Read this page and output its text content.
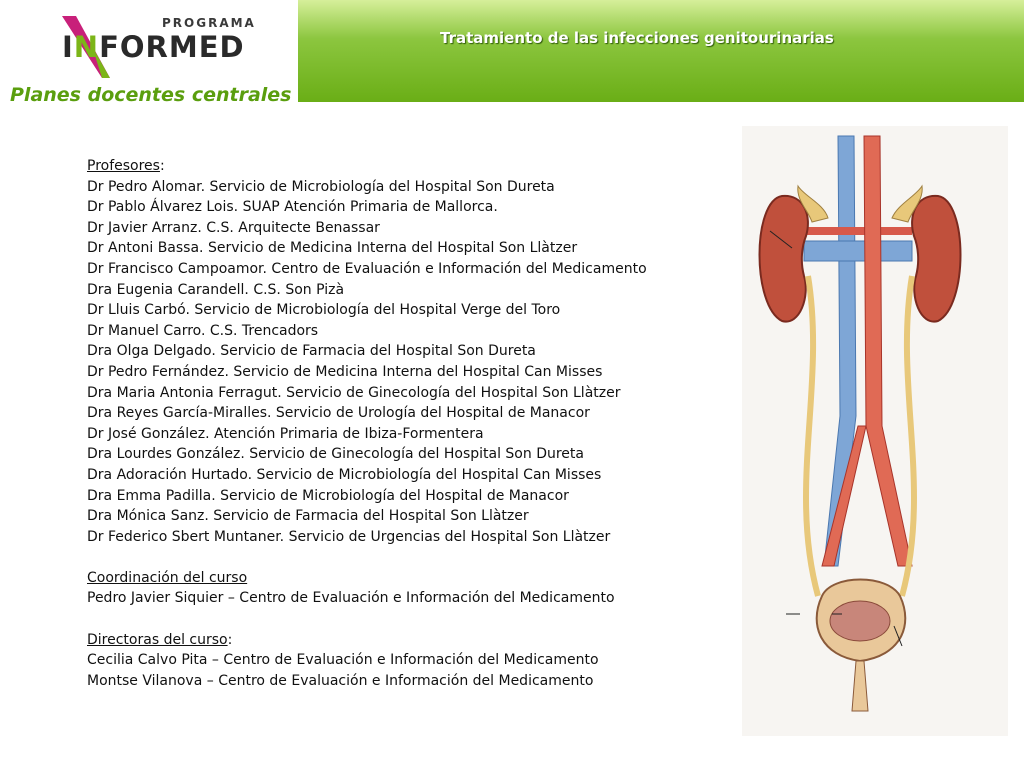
PROGRAMA
INFORMED
Planes docentes centrales
Tratamiento de las infecciones genitourinarias
Profesores:
Dr Pedro Alomar. Servicio de Microbiología del Hospital Son Dureta
Dr Pablo Álvarez Lois. SUAP Atención Primaria de Mallorca.
Dr Javier Arranz. C.S. Arquitecte Benassar
Dr Antoni Bassa. Servicio de Medicina Interna del Hospital Son Llàtzer
Dr Francisco Campoamor. Centro de Evaluación e Información del Medicamento
Dra Eugenia Carandell. C.S. Son Pizà
Dr Lluis Carbó. Servicio de Microbiología del Hospital Verge del Toro
Dr Manuel Carro. C.S. Trencadors
Dra Olga Delgado. Servicio de Farmacia del Hospital Son Dureta
Dr Pedro Fernández. Servicio de Medicina Interna del Hospital Can Misses
Dra Maria Antonia Ferragut. Servicio de Ginecología del Hospital Son Llàtzer
Dra Reyes García-Miralles. Servicio de Urología del Hospital de Manacor
Dr José González. Atención Primaria de Ibiza-Formentera
Dra Lourdes González. Servicio de Ginecología del Hospital Son Dureta
Dra Adoración Hurtado. Servicio de Microbiología del Hospital Can Misses
Dra Emma Padilla. Servicio de Microbiología del Hospital de Manacor
Dra Mónica Sanz. Servicio de Farmacia del Hospital Son Llàtzer
Dr Federico Sbert Muntaner. Servicio de Urgencias del Hospital Son Llàtzer
Coordinación del curso
Pedro Javier Siquier – Centro de Evaluación e Información del Medicamento
Directoras del curso:
Cecilia Calvo Pita – Centro de Evaluación e Información del Medicamento
Montse Vilanova – Centro de Evaluación e Información del Medicamento
